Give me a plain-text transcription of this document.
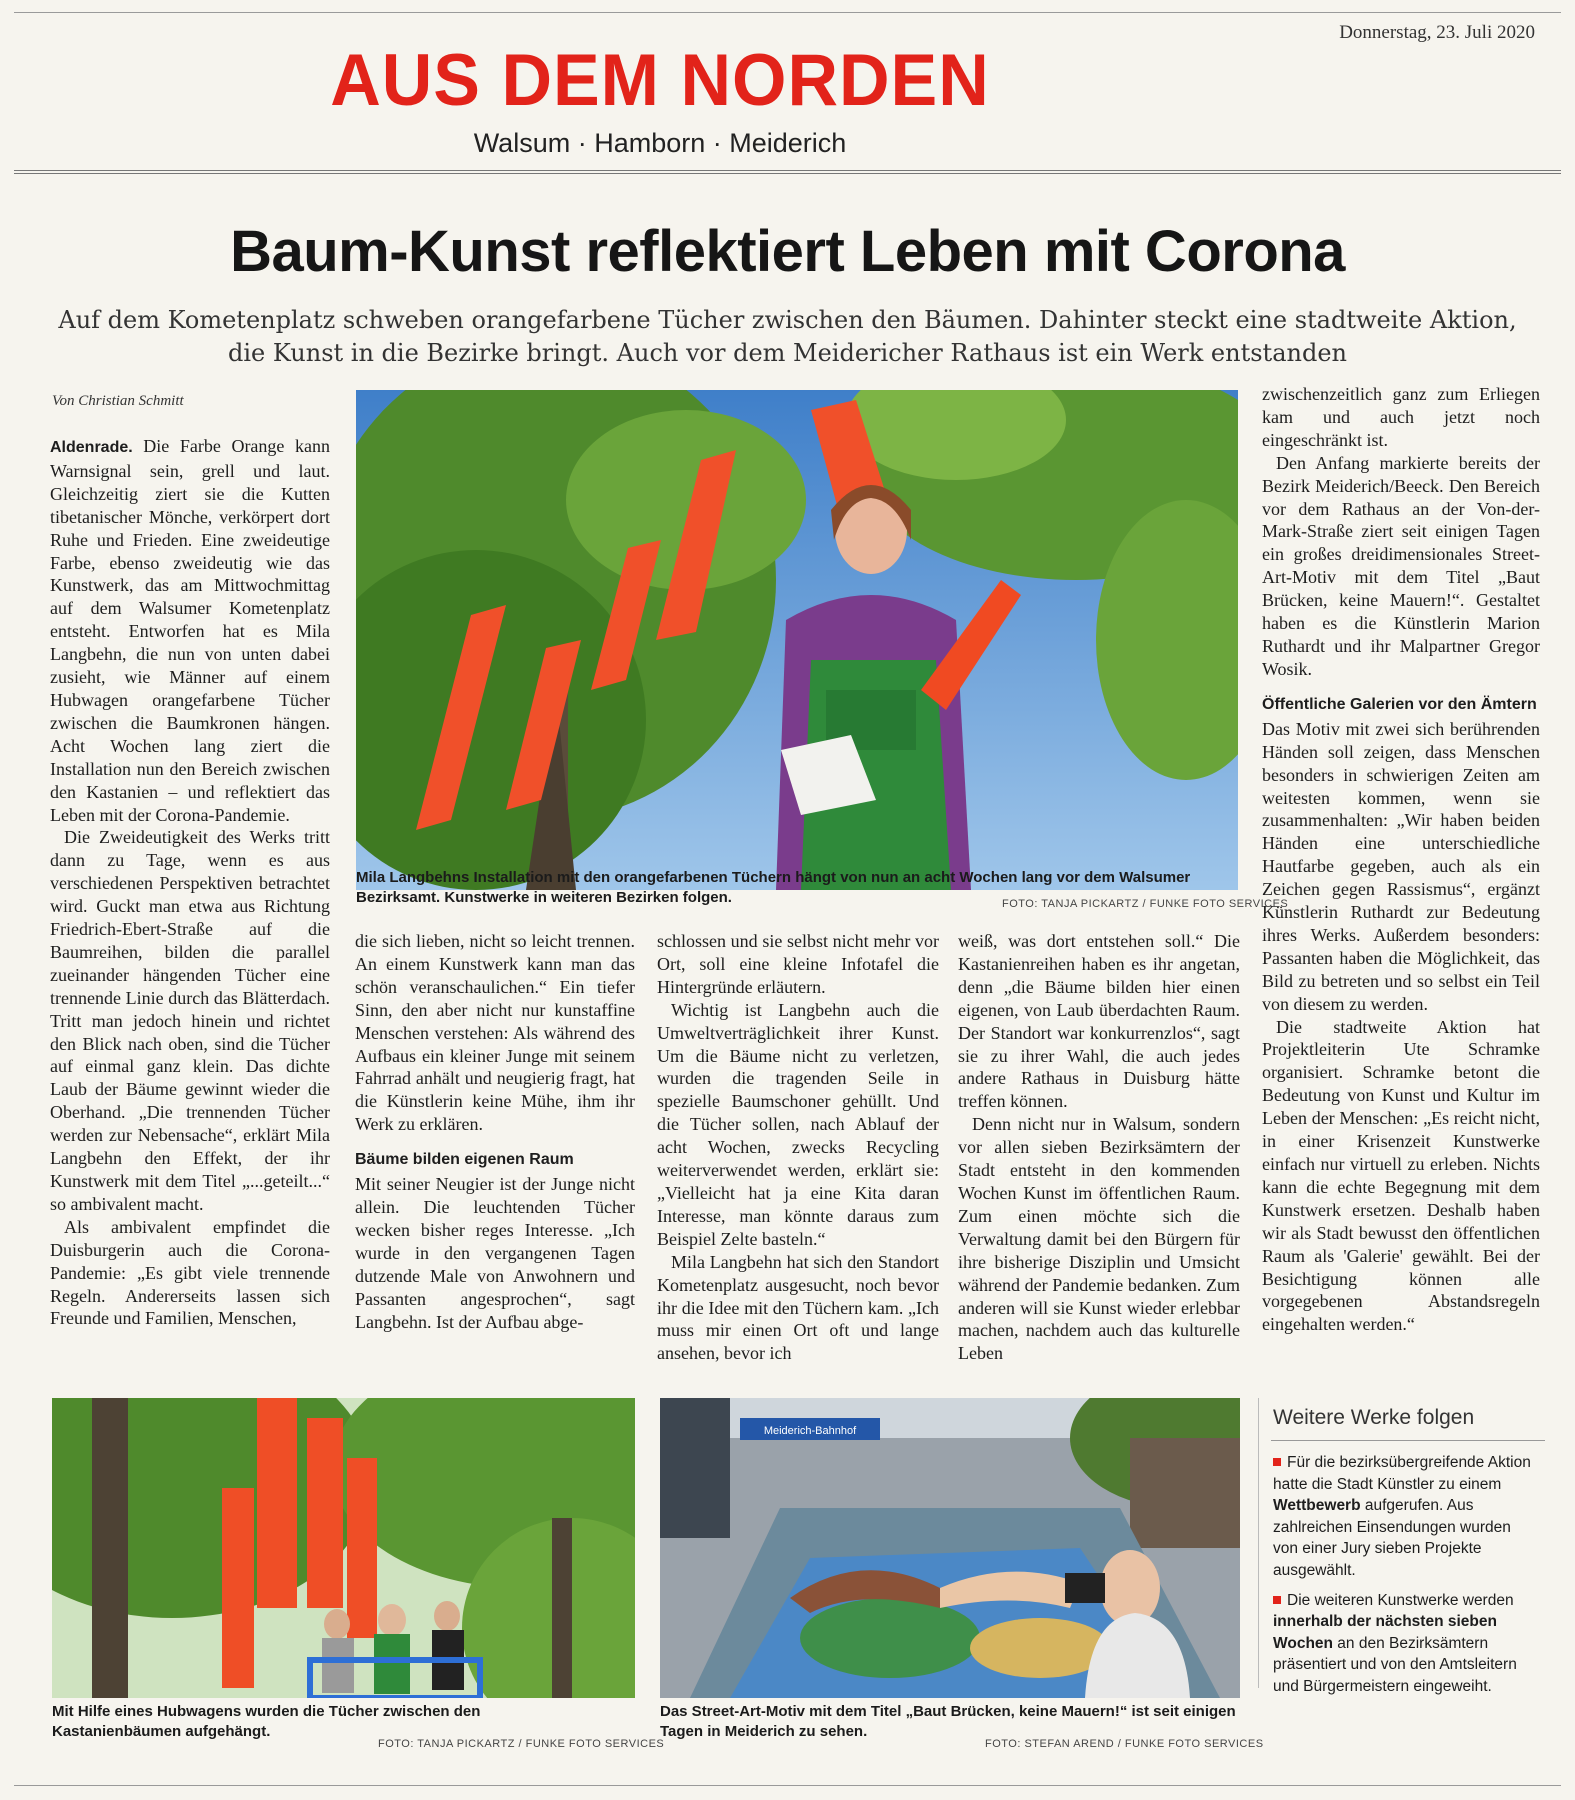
Donnerstag, 23. Juli 2020
AUS DEM NORDEN
Walsum · Hamborn · Meiderich
Baum-Kunst reflektiert Leben mit Corona
Auf dem Kometenplatz schweben orangefarbene Tücher zwischen den Bäumen. Dahinter steckt eine stadtweite Aktion, die Kunst in die Bezirke bringt. Auch vor dem Meidericher Rathaus ist ein Werk entstanden
Von Christian Schmitt

Aldenrade. Die Farbe Orange kann Warnsignal sein, grell und laut. Gleichzeitig ziert sie die Kutten tibetanischer Mönche, verkörpert dort Ruhe und Frieden. Eine zweideutige Farbe, ebenso zweideutig wie das Kunstwerk, das am Mittwochmittag auf dem Walsumer Kometenplatz entsteht. Entworfen hat es Mila Langbehn, die nun von unten dabei zusieht, wie Männer auf einem Hubwagen orangefarbene Tücher zwischen die Baumkronen hängen. Acht Wochen lang ziert die Installation nun den Bereich zwischen den Kastanien – und reflektiert das Leben mit der Corona-Pandemie.

Die Zweideutigkeit des Werks tritt dann zu Tage, wenn es aus verschiedenen Perspektiven betrachtet wird. Guckt man etwa aus Richtung Friedrich-Ebert-Straße auf die Baumreihen, bilden die parallel zueinander hängenden Tücher eine trennende Linie durch das Blätterdach. Tritt man jedoch hinein und richtet den Blick nach oben, sind die Tücher auf einmal ganz klein. Das dichte Laub der Bäume gewinnt wieder die Oberhand. „Die trennenden Tücher werden zur Nebensache“, erklärt Mila Langbehn den Effekt, der ihr Kunstwerk mit dem Titel „...geteilt...“ so ambivalent macht.

Als ambivalent empfindet die Duisburgerin auch die Corona-Pandemie: „Es gibt viele trennende Regeln. Andererseits lassen sich Freunde und Familien, Menschen,

Mila Langbehns Installation mit den orangefarbenen Tüchern hängt von nun an acht Wochen lang vor dem Walsumer Bezirksamt. Kunstwerke in weiteren Bezirken folgen.	FOTO: TANJA PICKARTZ / FUNKE FOTO SERVICES

die sich lieben, nicht so leicht trennen. An einem Kunstwerk kann man das schön veranschaulichen.“ Ein tiefer Sinn, den aber nicht nur kunstaffine Menschen verstehen: Als während des Aufbaus ein kleiner Junge mit seinem Fahrrad anhält und neugierig fragt, hat die Künstlerin keine Mühe, ihm ihr Werk zu erklären.

Bäume bilden eigenen Raum

Mit seiner Neugier ist der Junge nicht allein. Die leuchtenden Tücher wecken bisher reges Interesse. „Ich wurde in den vergangenen Tagen dutzende Male von Anwohnern und Passanten angesprochen“, sagt Langbehn. Ist der Aufbau abge-

schlossen und sie selbst nicht mehr vor Ort, soll eine kleine Infotafel die Hintergründe erläutern.

Wichtig ist Langbehn auch die Umweltverträglichkeit ihrer Kunst. Um die Bäume nicht zu verletzen, wurden die tragenden Seile in spezielle Baumschoner gehüllt. Und die Tücher sollen, nach Ablauf der acht Wochen, zwecks Recycling weiterverwendet werden, erklärt sie: „Vielleicht hat ja eine Kita daran Interesse, man könnte daraus zum Beispiel Zelte basteln.“

Mila Langbehn hat sich den Standort Kometenplatz ausgesucht, noch bevor ihr die Idee mit den Tüchern kam. „Ich muss mir einen Ort oft und lange ansehen, bevor ich

weiß, was dort entstehen soll.“ Die Kastanienreihen haben es ihr angetan, denn „die Bäume bilden hier einen eigenen, von Laub überdachten Raum. Der Standort war konkurrenzlos“, sagt sie zu ihrer Wahl, die auch jedes andere Rathaus in Duisburg hätte treffen können.

Denn nicht nur in Walsum, sondern vor allen sieben Bezirksämtern der Stadt entsteht in den kommenden Wochen Kunst im öffentlichen Raum. Zum einen möchte sich die Verwaltung damit bei den Bürgern für ihre bisherige Disziplin und Umsicht während der Pandemie bedanken. Zum anderen will sie Kunst wieder erlebbar machen, nachdem auch das kulturelle Leben

zwischenzeitlich ganz zum Erliegen kam und auch jetzt noch eingeschränkt ist.

Den Anfang markierte bereits der Bezirk Meiderich/Beeck. Den Bereich vor dem Rathaus an der Von-der-Mark-Straße ziert seit einigen Tagen ein großes dreidimensionales Street-Art-Motiv mit dem Titel „Baut Brücken, keine Mauern!“. Gestaltet haben es die Künstlerin Marion Ruthardt und ihr Malpartner Gregor Wosik.

Öffentliche Galerien vor den Ämtern

Das Motiv mit zwei sich berührenden Händen soll zeigen, dass Menschen besonders in schwierigen Zeiten am weitesten kommen, wenn sie zusammenhalten: „Wir haben beiden Händen eine unterschiedliche Hautfarbe gegeben, auch als ein Zeichen gegen Rassismus“, ergänzt Künstlerin Ruthardt zur Bedeutung ihres Werks. Außerdem besonders: Passanten haben die Möglichkeit, das Bild zu betreten und so selbst ein Teil von diesem zu werden.

Die stadtweite Aktion hat Projektleiterin Ute Schramke organisiert. Schramke betont die Bedeutung von Kunst und Kultur im Leben der Menschen: „Es reicht nicht, in einer Krisenzeit Kunstwerke einfach nur virtuell zu erleben. Nichts kann die echte Begegnung mit dem Kunstwerk ersetzen. Deshalb haben wir als Stadt bewusst den öffentlichen Raum als 'Galerie' gewählt. Bei der Besichtigung können alle vorgegebenen Abstandsregeln eingehalten werden.“

Mit Hilfe eines Hubwagens wurden die Tücher zwischen den Kastanienbäumen aufgehängt.
FOTO: TANJA PICKARTZ / FUNKE FOTO SERVICES
Meiderich-Bahnhof
Das Street-Art-Motiv mit dem Titel „Baut Brücken, keine Mauern!“ ist seit einigen Tagen in Meiderich zu sehen.
FOTO: STEFAN AREND / FUNKE FOTO SERVICES
Weitere Werke folgen

Für die bezirksübergreifende Aktion hatte die Stadt Künstler zu einem Wettbewerb aufgerufen. Aus zahlreichen Einsendungen wurden von einer Jury sieben Projekte ausgewählt.

Die weiteren Kunstwerke werden innerhalb der nächsten sieben Wochen an den Bezirksämtern präsentiert und von den Amtsleitern und Bürgermeistern eingeweiht.
